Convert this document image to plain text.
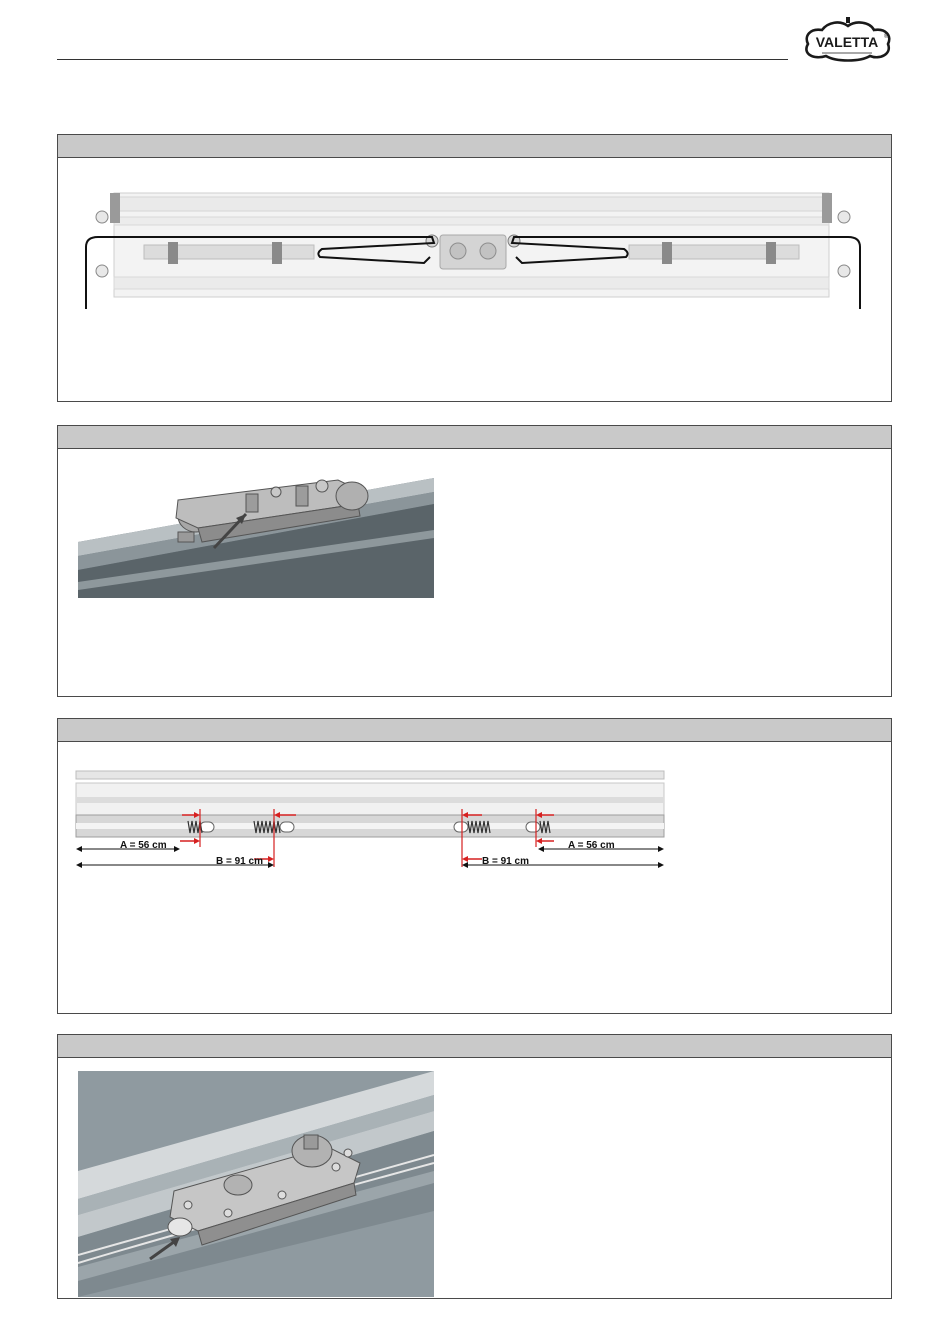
VALETTA ®
A = 56 cm
B = 91 cm	B = 91 cm
A = 56 cm
